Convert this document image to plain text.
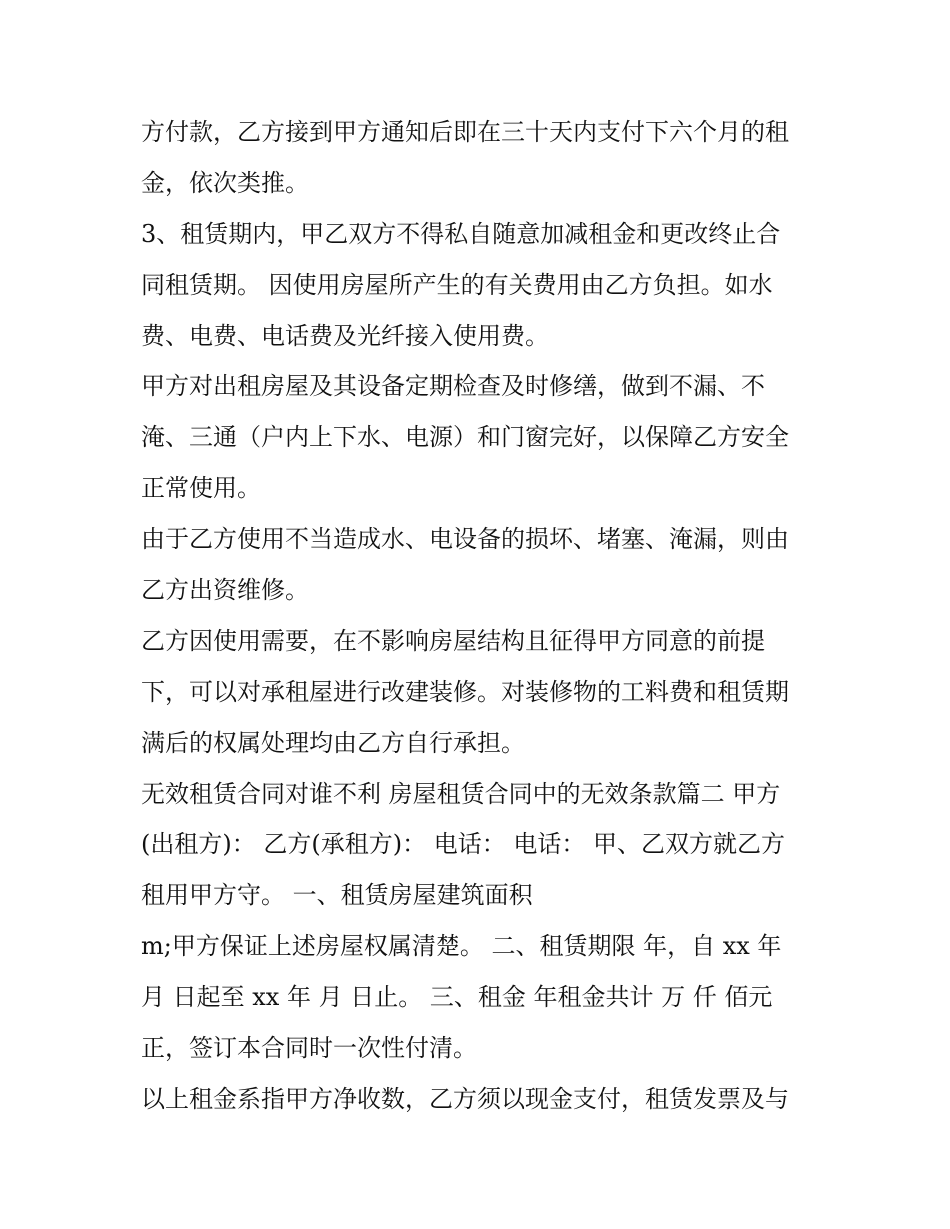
方付款，乙方接到甲方通知后即在三十天内支付下六个月的租

金，依次类推。

3、租赁期内，甲乙双方不得私自随意加减租金和更改终止合

同租赁期。 因使用房屋所产生的有关费用由乙方负担。如水

费、电费、电话费及光纤接入使用费。

甲方对出租房屋及其设备定期检查及时修缮，做到不漏、不

淹、三通（户内上下水、电源）和门窗完好，以保障乙方安全

正常使用。

由于乙方使用不当造成水、电设备的损坏、堵塞、淹漏，则由

乙方出资维修。

乙方因使用需要，在不影响房屋结构且征得甲方同意的前提

下，可以对承租屋进行改建装修。对装修物的工料费和租赁期

满后的权属处理均由乙方自行承担。

无效租赁合同对谁不利 房屋租赁合同中的无效条款篇二 甲方

(出租方)： 乙方(承租方)： 电话： 电话： 甲、乙双方就乙方

租用甲方守。 一、租赁房屋建筑面积

m;甲方保证上述房屋权属清楚。 二、租赁期限 年，自 xx 年

月 日起至 xx 年 月 日止。 三、租金 年租金共计 万 仟 佰元

正，签订本合同时一次性付清。

以上租金系指甲方净收数，乙方须以现金支付，租赁发票及与
